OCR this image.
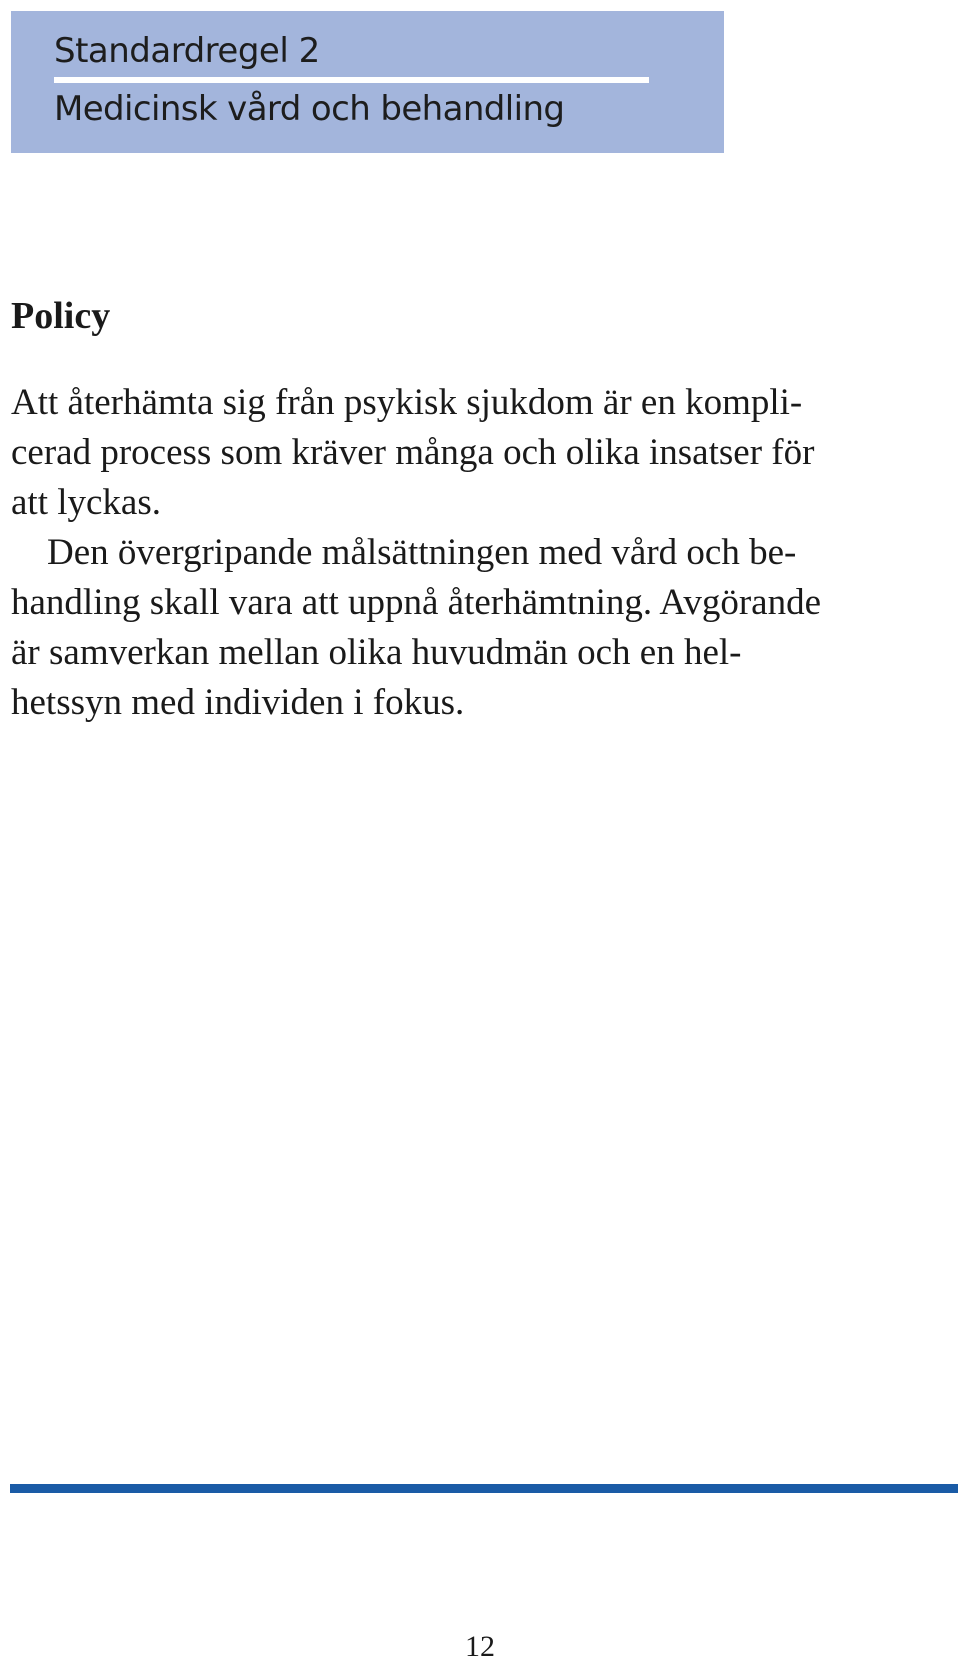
Standardregel 2
Medicinsk vård och behandling
Policy
Att återhämta sig från psykisk sjukdom är en kompli-
cerad process som kräver många och olika insatser för
att lyckas.
Den övergripande målsättningen med vård och be-
handling skall vara att uppnå återhämtning. Avgörande
är samverkan mellan olika huvudmän och en hel-
hetssyn med individen i fokus.
12
